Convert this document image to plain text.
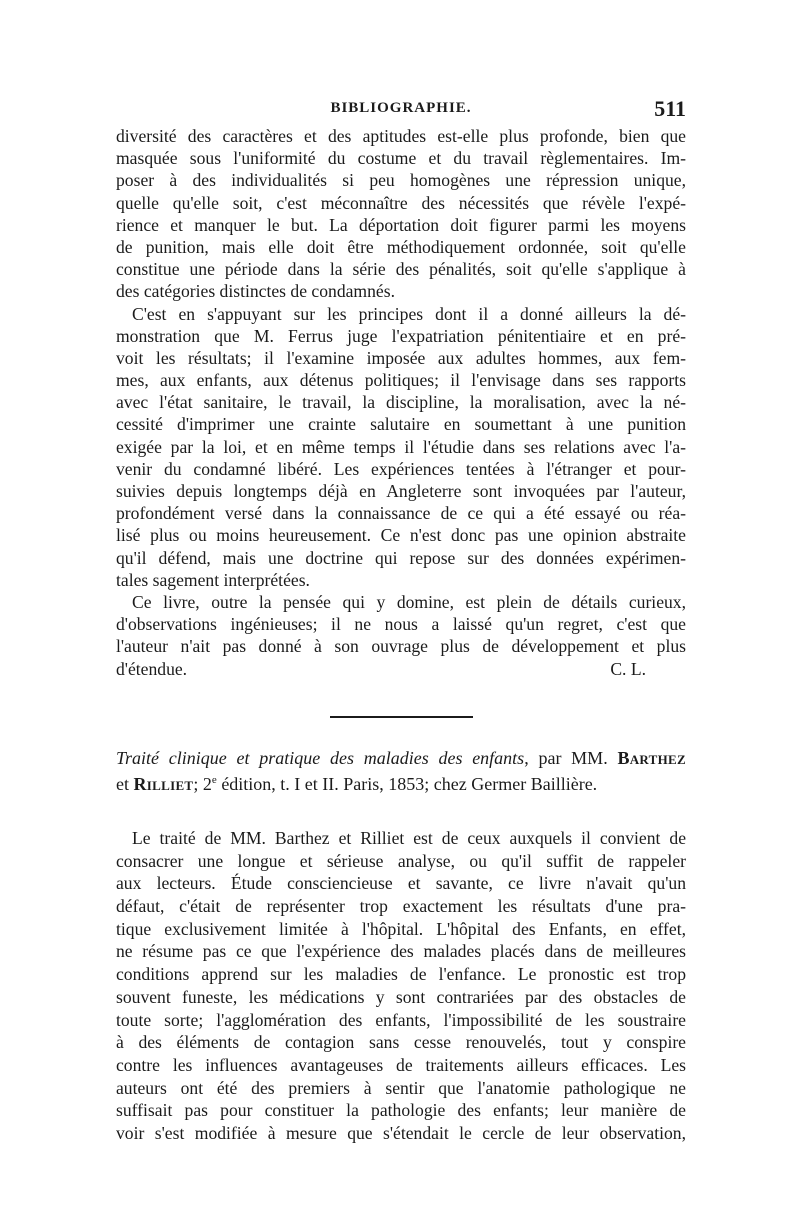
BIBLIOGRAPHIE.	511
diversité des caractères et des aptitudes est-elle plus profonde, bien que
masquée sous l'uniformité du costume et du travail règlementaires. Im-
poser à des individualités si peu homogènes une répression unique,
quelle qu'elle soit, c'est méconnaître des nécessités que révèle l'expé-
rience et manquer le but. La déportation doit figurer parmi les moyens
de punition, mais elle doit être méthodiquement ordonnée, soit qu'elle
constitue une période dans la série des pénalités, soit qu'elle s'applique à
des catégories distinctes de condamnés.
C'est en s'appuyant sur les principes dont il a donné ailleurs la dé-
monstration que M. Ferrus juge l'expatriation pénitentiaire et en pré-
voit les résultats; il l'examine imposée aux adultes hommes, aux fem-
mes, aux enfants, aux détenus politiques; il l'envisage dans ses rapports
avec l'état sanitaire, le travail, la discipline, la moralisation, avec la né-
cessité d'imprimer une crainte salutaire en soumettant à une punition
exigée par la loi, et en même temps il l'étudie dans ses relations avec l'a-
venir du condamné libéré. Les expériences tentées à l'étranger et pour-
suivies depuis longtemps déjà en Angleterre sont invoquées par l'auteur,
profondément versé dans la connaissance de ce qui a été essayé ou réa-
lisé plus ou moins heureusement. Ce n'est donc pas une opinion abstraite
qu'il défend, mais une doctrine qui repose sur des données expérimen-
tales sagement interprétées.
Ce livre, outre la pensée qui y domine, est plein de détails curieux,
d'observations ingénieuses; il ne nous a laissé qu'un regret, c'est que
l'auteur n'ait pas donné à son ouvrage plus de développement et plus
d'étendue.	C. L.
Traité clinique et pratique des maladies des enfants, par MM. Barthez
et Rilliet; 2e édition, t. I et II. Paris, 1853; chez Germer Baillière.
Le traité de MM. Barthez et Rilliet est de ceux auxquels il convient de
consacrer une longue et sérieuse analyse, ou qu'il suffit de rappeler
aux lecteurs. Étude consciencieuse et savante, ce livre n'avait qu'un
défaut, c'était de représenter trop exactement les résultats d'une pra-
tique exclusivement limitée à l'hôpital. L'hôpital des Enfants, en effet,
ne résume pas ce que l'expérience des malades placés dans de meilleures
conditions apprend sur les maladies de l'enfance. Le pronostic est trop
souvent funeste, les médications y sont contrariées par des obstacles de
toute sorte; l'agglomération des enfants, l'impossibilité de les soustraire
à des éléments de contagion sans cesse renouvelés, tout y conspire
contre les influences avantageuses de traitements ailleurs efficaces. Les
auteurs ont été des premiers à sentir que l'anatomie pathologique ne
suffisait pas pour constituer la pathologie des enfants; leur manière de
voir s'est modifiée à mesure que s'étendait le cercle de leur observation,
